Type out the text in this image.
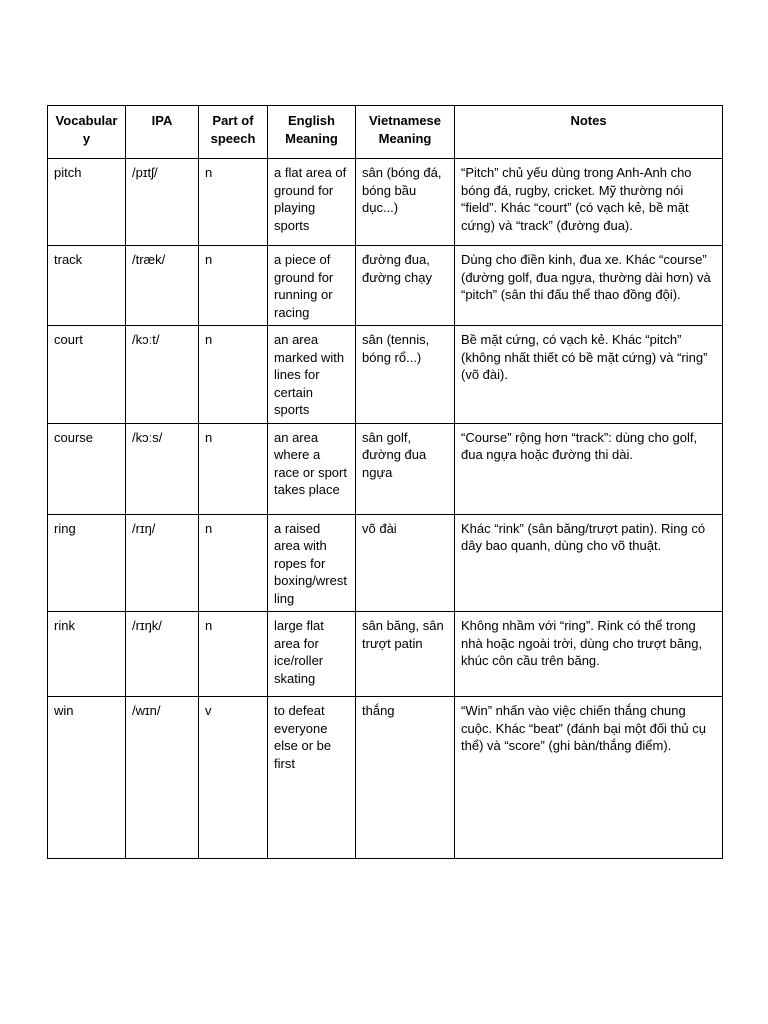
Vocabulary	IPA	Part of speech	English Meaning	Vietnamese Meaning	Notes
pitch	/pɪtʃ/	n	a flat area of ground for playing sports	sân (bóng đá, bóng bầu dục...)	“Pitch” chủ yếu dùng trong Anh-Anh cho bóng đá, rugby, cricket. Mỹ thường nói “field”. Khác “court” (có vạch kẻ, bề mặt cứng) và “track” (đường đua).
track	/træk/	n	a piece of ground for running or racing	đường đua, đường chạy	Dùng cho điền kinh, đua xe. Khác “course” (đường golf, đua ngựa, thường dài hơn) và “pitch” (sân thi đấu thể thao đồng đội).
court	/kɔːt/	n	an area marked with lines for certain sports	sân (tennis, bóng rổ...)	Bề mặt cứng, có vạch kẻ. Khác “pitch” (không nhất thiết có bề mặt cứng) và “ring” (võ đài).
course	/kɔːs/	n	an area where a race or sport takes place	sân golf, đường đua ngựa	“Course” rộng hơn “track”: dùng cho golf, đua ngựa hoặc đường thi dài.
ring	/rɪŋ/	n	a raised area with ropes for boxing/wrestling	võ đài	Khác “rink” (sân băng/trượt patin). Ring có dây bao quanh, dùng cho võ thuật.
rink	/rɪŋk/	n	large flat area for ice/roller skating	sân băng, sân trượt patin	Không nhầm với “ring”. Rink có thể trong nhà hoặc ngoài trời, dùng cho trượt băng, khúc côn cầu trên băng.
win	/wɪn/	v	to defeat everyone else or be first	thắng	“Win” nhấn vào việc chiến thắng chung cuộc. Khác “beat” (đánh bại một đối thủ cụ thể) và “score” (ghi bàn/thắng điểm).
